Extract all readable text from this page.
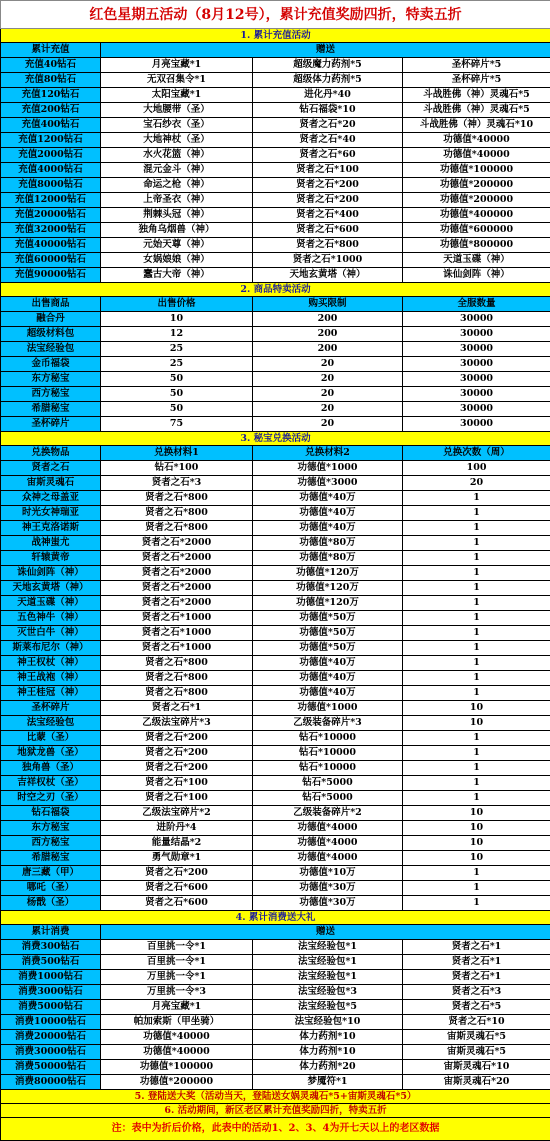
红色星期五活动（8月12号），累计充值奖励四折，特卖五折			
1. 累计充值活动			
累计充值	赠送		
充值40钻石	月亮宝藏*1	超级魔力药剂*5	圣杯碎片*5
充值80钻石	无双召集令*1	超级体力药剂*5	圣杯碎片*5
充值120钻石	太阳宝藏*1	进化丹*40	斗战胜佛（神）灵魂石*5
充值200钻石	大地腰带（圣）	钻石福袋*10	斗战胜佛（神）灵魂石*5
充值400钻石	宝石纱衣（圣）	贤者之石*20	斗战胜佛（神）灵魂石*10
充值1200钻石	大地神杖（圣）	贤者之石*40	功德值*40000
充值2000钻石	水火花篮（神）	贤者之石*60	功德值*40000
充值4000钻石	混元金斗（神）	贤者之石*100	功德值*100000
充值8000钻石	命运之枪（神）	贤者之石*200	功德值*200000
充值12000钻石	上帝圣衣（神）	贤者之石*200	功德值*200000
充值20000钻石	荆棘头冠（神）	贤者之石*400	功德值*400000
充值32000钻石	独角乌烟兽（神）	贤者之石*600	功德值*600000
充值40000钻石	元始天尊（神）	贤者之石*800	功德值*800000
充值60000钻石	女娲娘娘（神）	贤者之石*1000	天道玉碟（神）
充值90000钻石	蠢古大帝（神）	天地玄黄塔（神）	诛仙剑阵（神）
2. 商品特卖活动			
出售商品	出售价格	购买限制	全服数量
融合丹	10	200	30000
超级材料包	12	200	30000
法宝经验包	25	200	30000
金币福袋	25	20	30000
东方秘宝	50	20	30000
西方秘宝	50	20	30000
希腊秘宝	50	20	30000
圣杯碎片	75	20	30000
3. 秘宝兑换活动			
兑换物品	兑换材料1	兑换材料2	兑换次数（周）
贤者之石	钻石*100	功德值*1000	100
宙斯灵魂石	贤者之石*3	功德值*3000	20
众神之母盖亚	贤者之石*800	功德值*40万	1
时光女神瑞亚	贤者之石*800	功德值*40万	1
神王克洛诺斯	贤者之石*800	功德值*40万	1
战神蚩尤	贤者之石*2000	功德值*80万	1
轩辕黄帝	贤者之石*2000	功德值*80万	1
诛仙剑阵（神）	贤者之石*2000	功德值*120万	1
天地玄黄塔（神）	贤者之石*2000	功德值*120万	1
天道玉碟（神）	贤者之石*2000	功德值*120万	1
五色神牛（神）	贤者之石*1000	功德值*50万	1
灭世白牛（神）	贤者之石*1000	功德值*50万	1
斯莱布尼尔（神）	贤者之石*1000	功德值*50万	1
神王权杖（神）	贤者之石*800	功德值*40万	1
神王战袍（神）	贤者之石*800	功德值*40万	1
神王桂冠（神）	贤者之石*800	功德值*40万	1
圣杯碎片	贤者之石*1	功德值*1000	10
法宝经验包	乙级法宝碎片*3	乙级装备碎片*3	10
比蒙（圣）	贤者之石*200	钻石*10000	1
地狱龙兽（圣）	贤者之石*200	钻石*10000	1
独角兽（圣）	贤者之石*200	钻石*10000	1
吉祥权杖（圣）	贤者之石*100	钻石*5000	1
时空之刃（圣）	贤者之石*100	钻石*5000	1
钻石福袋	乙级法宝碎片*2	乙级装备碎片*2	10
东方秘宝	进阶丹*4	功德值*4000	10
西方秘宝	能量结晶*2	功德值*4000	10
希腊秘宝	勇气勋章*1	功德值*4000	10
唐三藏（甲）	贤者之石*200	功德值*10万	1
哪吒（圣）	贤者之石*600	功德值*30万	1
杨戬（圣）	贤者之石*600	功德值*30万	1
4. 累计消费送大礼			
累计消费	赠送		
消费300钻石	百里挑一令*1	法宝经验包*1	贤者之石*1
消费500钻石	百里挑一令*1	法宝经验包*1	贤者之石*1
消费1000钻石	万里挑一令*1	法宝经验包*1	贤者之石*1
消费3000钻石	万里挑一令*3	法宝经验包*3	贤者之石*3
消费5000钻石	月亮宝藏*1	法宝经验包*5	贤者之石*5
消费10000钻石	帕加索斯（甲坐骑）	法宝经验包*10	贤者之石*10
消费20000钻石	功德值*40000	体力药剂*10	宙斯灵魂石*5
消费30000钻石	功德值*40000	体力药剂*10	宙斯灵魂石*5
消费50000钻石	功德值*100000	体力药剂*20	宙斯灵魂石*10
消费80000钻石	功德值*200000	梦魇符*1	宙斯灵魂石*20
5. 登陆送大奖（活动当天，登陆送女娲灵魂石*5+宙斯灵魂石*5）			
6. 活动期间，新区老区累计充值奖励四折，特卖五折			
注：表中为折后价格，此表中的活动1、2、3、4为开七天以上的老区数据			
